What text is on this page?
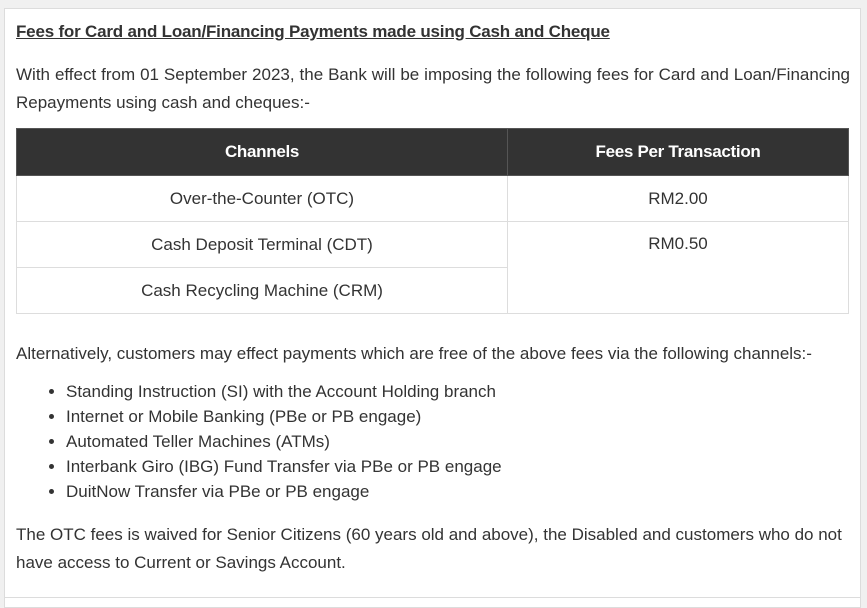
Fees for Card and Loan/Financing Payments made using Cash and Cheque
With effect from 01 September 2023, the Bank will be imposing the following fees for Card and Loan/Financing Repayments using cash and cheques:-
Channels	Fees Per Transaction
Over-the-Counter (OTC)	RM2.00
Cash Deposit Terminal (CDT)	RM0.50
Cash Recycling Machine (CRM)	
Alternatively, customers may effect payments which are free of the above fees via the following channels:-
• Standing Instruction (SI) with the Account Holding branch
• Internet or Mobile Banking (PBe or PB engage)
• Automated Teller Machines (ATMs)
• Interbank Giro (IBG) Fund Transfer via PBe or PB engage
• DuitNow Transfer via PBe or PB engage
The OTC fees is waived for Senior Citizens (60 years old and above), the Disabled and customers who do not have access to Current or Savings Account.
